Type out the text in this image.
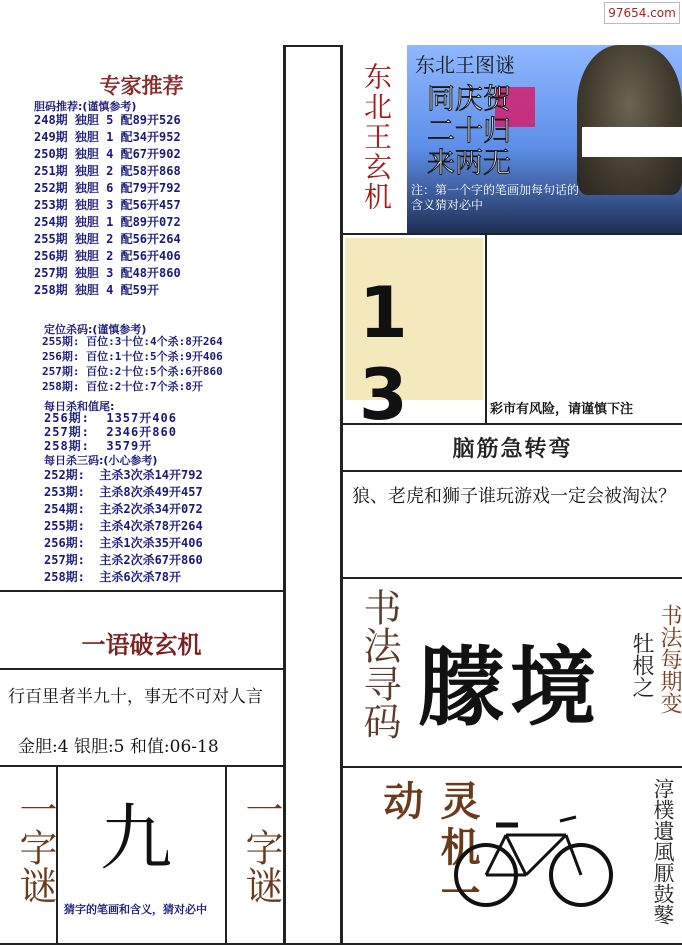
97654.com
专家推荐
胆码推荐:(谨慎参考)
248期 独胆 5 配89开526
249期 独胆 1 配34开952
250期 独胆 4 配67开902
251期 独胆 2 配58开868
252期 独胆 6 配79开792
253期 独胆 3 配56开457
254期 独胆 1 配89开072
255期 独胆 2 配56开264
256期 独胆 2 配56开406
257期 独胆 3 配48开860
258期 独胆 4 配59开
定位杀码:(谨慎参考)
255期: 百位:3十位:4个杀:8开264
256期: 百位:1十位:5个杀:9开406
257期: 百位:2十位:5个杀:6开860
258期: 百位:2十位:7个杀:8开
每日杀和值尾:
256期:  1357开406
257期:  2346开860
258期:  3579开
每日杀三码:(小心参考)
252期:  主杀3次杀14开792
253期:  主杀8次杀49开457
254期:  主杀2次杀34开072
255期:  主杀4次杀78开264
256期:  主杀1次杀35开406
257期:  主杀2次杀67开860
258期:  主杀6次杀78开
一语破玄机
行百里者半九十，事无不可对人言
金胆:4 银胆:5 和值:06-18
一字谜 九
猜字的笔画和含义，猜对必中
一字谜
东北王玄机 东北王图谜
同庆贺
二十归
来两无
注：第一个字的笔画加每句话的含义猜对必中
1 3	彩市有风险，请谨慎下注
脑筋急转弯
狼、老虎和狮子谁玩游戏一定会被淘汰？
书法寻码 朦境 牡根之 书法每期变
灵机一动	淳樸遺風厭鼓鼕
